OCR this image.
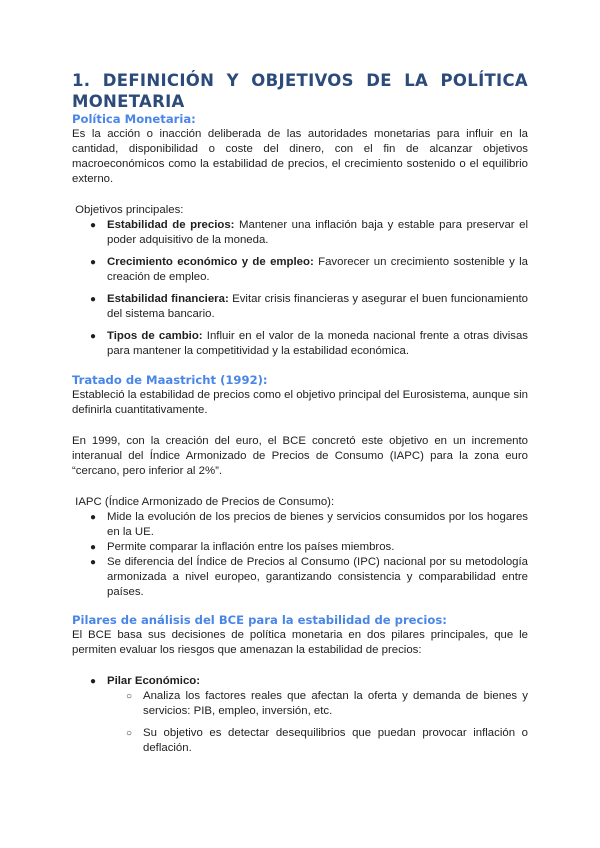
1. DEFINICIÓN Y OBJETIVOS DE LA POLÍTICA
MONETARIA
Política Monetaria:

Es la acción o inacción deliberada de las autoridades monetarias para influir en la cantidad, disponibilidad o coste del dinero, con el fin de alcanzar objetivos macroeconómicos como la estabilidad de precios, el crecimiento sostenido o el equilibrio externo.

Objetivos principales:

● Estabilidad de precios: Mantener una inflación baja y estable para preservar el poder adquisitivo de la moneda.
● Crecimiento económico y de empleo: Favorecer un crecimiento sostenible y la creación de empleo.
● Estabilidad financiera: Evitar crisis financieras y asegurar el buen funcionamiento del sistema bancario.
● Tipos de cambio: Influir en el valor de la moneda nacional frente a otras divisas para mantener la competitividad y la estabilidad económica.
Tratado de Maastricht (1992):

Estableció la estabilidad de precios como el objetivo principal del Eurosistema, aunque sin definirla cuantitativamente.

En 1999, con la creación del euro, el BCE concretó este objetivo en un incremento interanual del Índice Armonizado de Precios de Consumo (IAPC) para la zona euro “cercano, pero inferior al 2%”.

IAPC (Índice Armonizado de Precios de Consumo):

● Mide la evolución de los precios de bienes y servicios consumidos por los hogares en la UE.
● Permite comparar la inflación entre los países miembros.
● Se diferencia del Índice de Precios al Consumo (IPC) nacional por su metodología armonizada a nivel europeo, garantizando consistencia y comparabilidad entre países.
Pilares de análisis del BCE para la estabilidad de precios:

El BCE basa sus decisiones de política monetaria en dos pilares principales, que le permiten evaluar los riesgos que amenazan la estabilidad de precios:

● Pilar Económico:
○ Analiza los factores reales que afectan la oferta y demanda de bienes y servicios: PIB, empleo, inversión, etc.
○ Su objetivo es detectar desequilibrios que puedan provocar inflación o deflación.
